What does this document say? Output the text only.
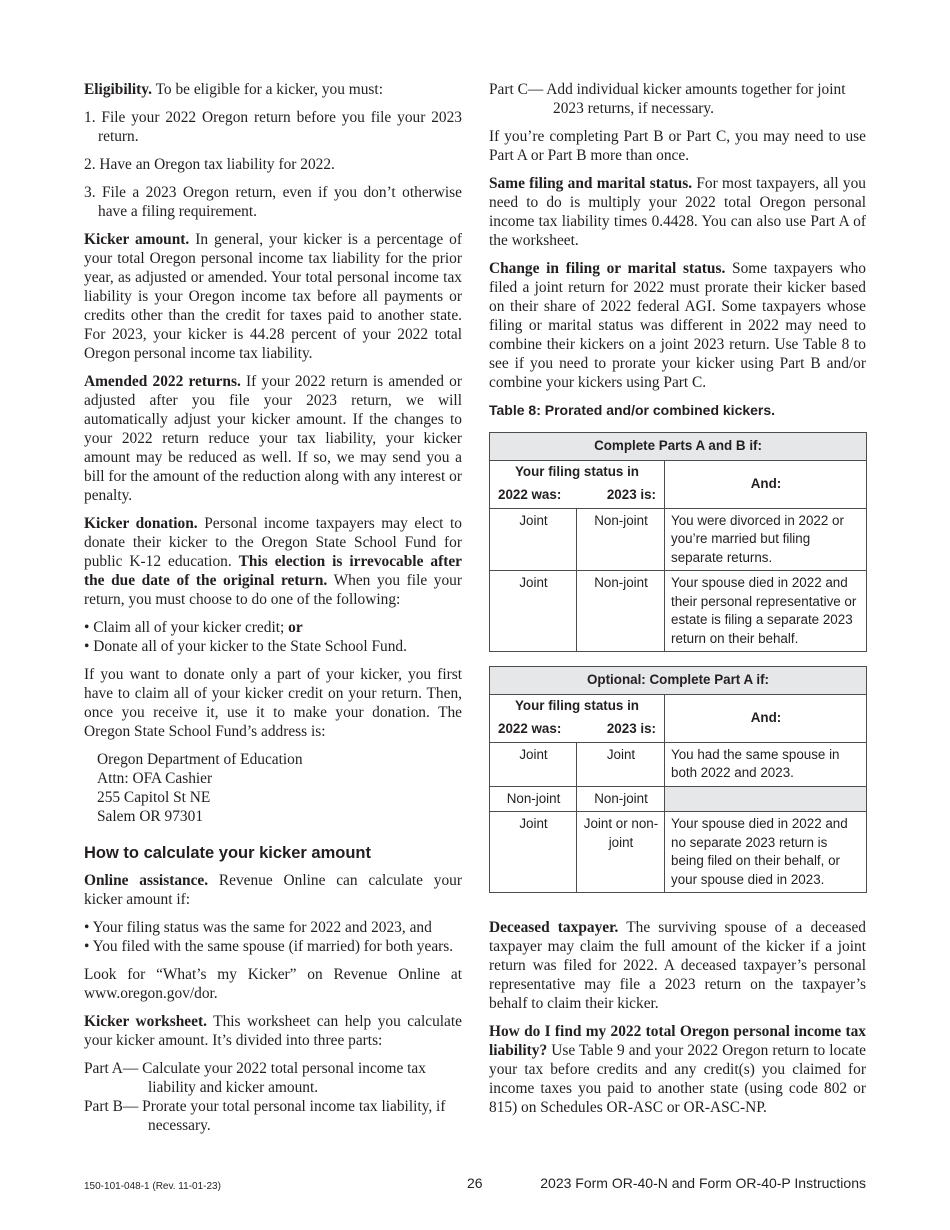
Eligibility. To be eligible for a kicker, you must:

1. File your 2022 Oregon return before you file your 2023 return.
2. Have an Oregon tax liability for 2022.
3. File a 2023 Oregon return, even if you don’t otherwise have a filing requirement.

Kicker amount. In general, your kicker is a percentage of your total Oregon personal income tax liability for the prior year, as adjusted or amended. Your total personal income tax liability is your Oregon income tax before all payments or credits other than the credit for taxes paid to another state. For 2023, your kicker is 44.28 percent of your 2022 total Oregon personal income tax liability.

Amended 2022 returns. If your 2022 return is amended or adjusted after you file your 2023 return, we will automatically adjust your kicker amount. If the changes to your 2022 return reduce your tax liability, your kicker amount may be reduced as well. If so, we may send you a bill for the amount of the reduction along with any interest or penalty.

Kicker donation. Personal income taxpayers may elect to donate their kicker to the Oregon State School Fund for public K-12 education. This election is irrevocable after the due date of the original return. When you file your return, you must choose to do one of the following:

• Claim all of your kicker credit; or
• Donate all of your kicker to the State School Fund.

If you want to donate only a part of your kicker, you first have to claim all of your kicker credit on your return. Then, once you receive it, use it to make your donation. The Oregon State School Fund’s address is:

Oregon Department of Education
Attn: OFA Cashier
255 Capitol St NE
Salem OR 97301
How to calculate your kicker amount

Online assistance. Revenue Online can calculate your kicker amount if:

• Your filing status was the same for 2022 and 2023, and
• You filed with the same spouse (if married) for both years.

Look for “What’s my Kicker” on Revenue Online at www.oregon.gov/dor.

Kicker worksheet. This worksheet can help you calculate your kicker amount. It’s divided into three parts:

Part A— Calculate your 2022 total personal income tax liability and kicker amount.
Part B— Prorate your total personal income tax liability, if necessary.
Part C— Add individual kicker amounts together for joint 2023 returns, if necessary.

If you’re completing Part B or Part C, you may need to use Part A or Part B more than once.

Same filing and marital status. For most taxpayers, all you need to do is multiply your 2022 total Oregon personal income tax liability times 0.4428. You can also use Part A of the worksheet.

Change in filing or marital status. Some taxpayers who filed a joint return for 2022 must prorate their kicker based on their share of 2022 federal AGI. Some taxpayers whose filing or marital status was different in 2022 may need to combine their kickers on a joint 2023 return. Use Table 8 to see if you need to prorate your kicker using Part B and/or combine your kickers using Part C.

Table 8: Prorated and/or combined kickers.
Complete Parts A and B if:		

Your filing status in
2022 was: 2023 is:		And:
Joint	Non-joint	You were divorced in 2022 or you’re married but filing separate returns.
Joint	Non-joint	Your spouse died in 2022 and their personal representative or estate is filing a separate 2023 return on their behalf.
Optional: Complete Part A if:		

Your filing status in
2022 was: 2023 is:		And:
Joint	Joint	You had the same spouse in both 2022 and 2023.
Non-joint	Non-joint	
Joint	Joint or non-joint	Your spouse died in 2022 and no separate 2023 return is being filed on their behalf, or your spouse died in 2023.

Deceased taxpayer. The surviving spouse of a deceased taxpayer may claim the full amount of the kicker if a joint return was filed for 2022. A deceased taxpayer’s personal representative may file a 2023 return on the taxpayer’s behalf to claim their kicker.

How do I find my 2022 total Oregon personal income tax liability? Use Table 9 and your 2022 Oregon return to locate your tax before credits and any credit(s) you claimed for income taxes you paid to another state (using code 802 or 815) on Schedules OR-ASC or OR-ASC-NP.

150-101-048-1 (Rev. 11-01-23)	26	2023 Form OR-40-N and Form OR-40-P Instructions
